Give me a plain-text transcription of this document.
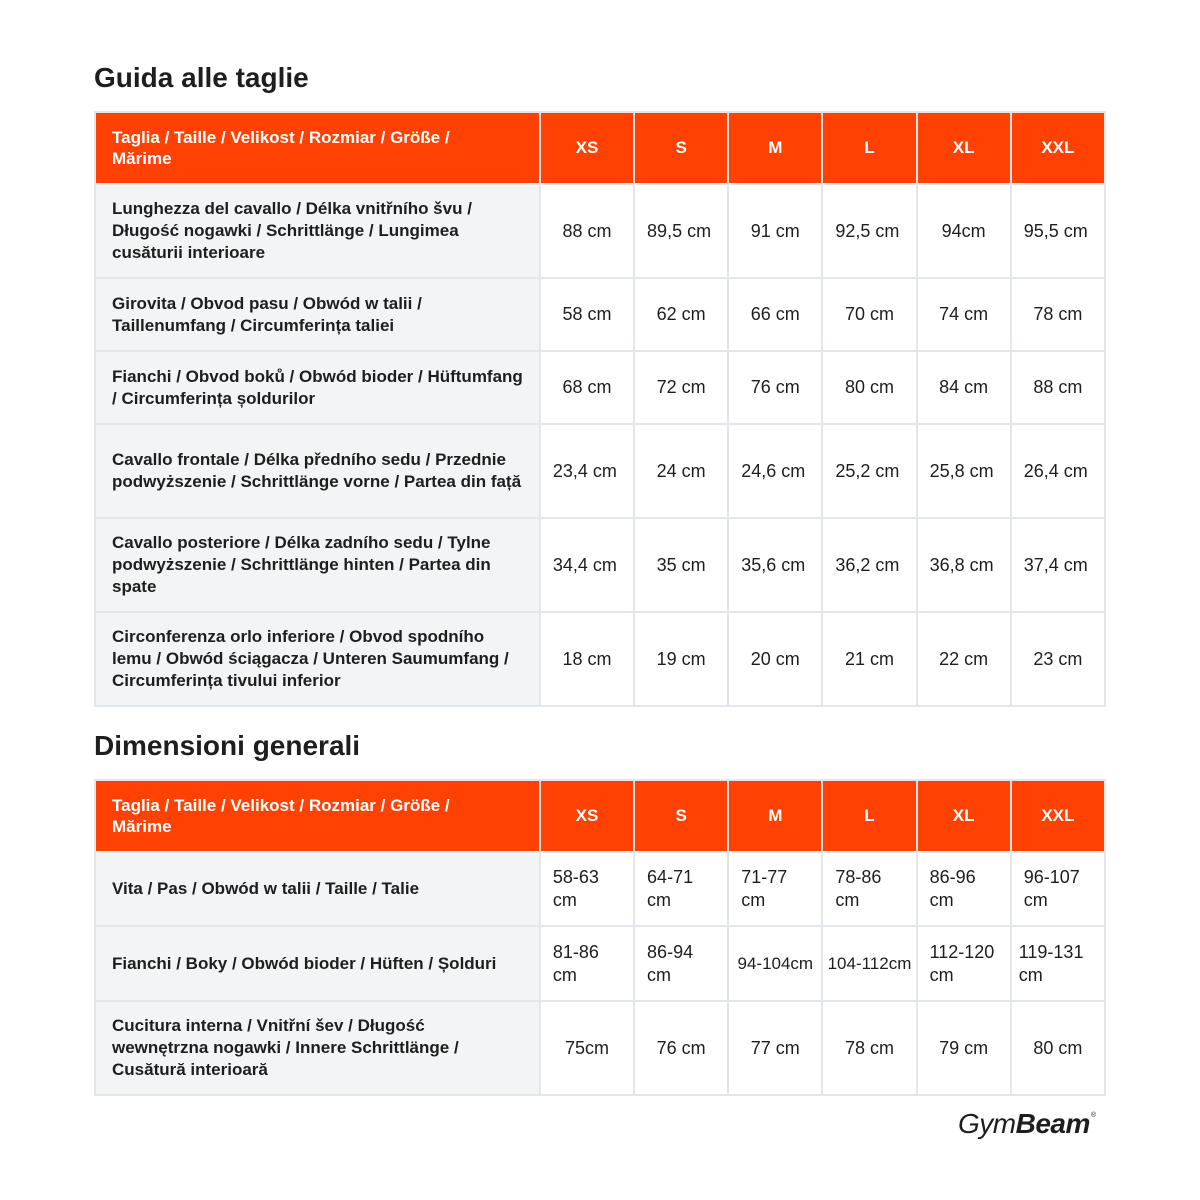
Guida alle taglie
Taglia / Taille / Velikost / Rozmiar / Größe / Mărime	XS	S	M	L	XL	XXL
Lunghezza del cavallo / Délka vnitřního švu / Długość nogawki / Schrittlänge / Lungimea cusăturii interioare	88 cm	89,5 cm	91 cm	92,5 cm	94cm	95,5 cm
Girovita / Obvod pasu / Obwód w talii / Taillenumfang / Circumferința taliei	58 cm	62 cm	66 cm	70 cm	74 cm	78 cm
Fianchi / Obvod boků / Obwód bioder / Hüftumfang / Circumferința șoldurilor	68 cm	72 cm	76 cm	80 cm	84 cm	88 cm
Cavallo frontale / Délka předního sedu / Przednie podwyższenie / Schrittlänge vorne / Partea din față	23,4 cm	24 cm	24,6 cm	25,2 cm	25,8 cm	26,4 cm
Cavallo posteriore / Délka zadního sedu / Tylne podwyższenie / Schrittlänge hinten / Partea din spate	34,4 cm	35 cm	35,6 cm	36,2 cm	36,8 cm	37,4 cm
Circonferenza orlo inferiore / Obvod spodního lemu / Obwód ściągacza / Unteren Saumumfang / Circumferința tivului inferior	18 cm	19 cm	20 cm	21 cm	22 cm	23 cm
Dimensioni generali
Taglia / Taille / Velikost / Rozmiar / Größe / Mărime	XS	S	M	L	XL	XXL
Vita / Pas / Obwód w talii / Taille / Talie	58-63 cm	64-71 cm	71-77 cm	78-86 cm	86-96 cm	96-107 cm
Fianchi / Boky / Obwód bioder / Hüften / Șolduri	81-86 cm	86-94 cm	94-104cm	104-112cm	112-120 cm	119-131 cm
Cucitura interna / Vnitřní šev / Długość wewnętrzna nogawki / Innere Schrittlänge / Cusătură interioară	75cm	76 cm	77 cm	78 cm	79 cm	80 cm
Gym Beam ®
